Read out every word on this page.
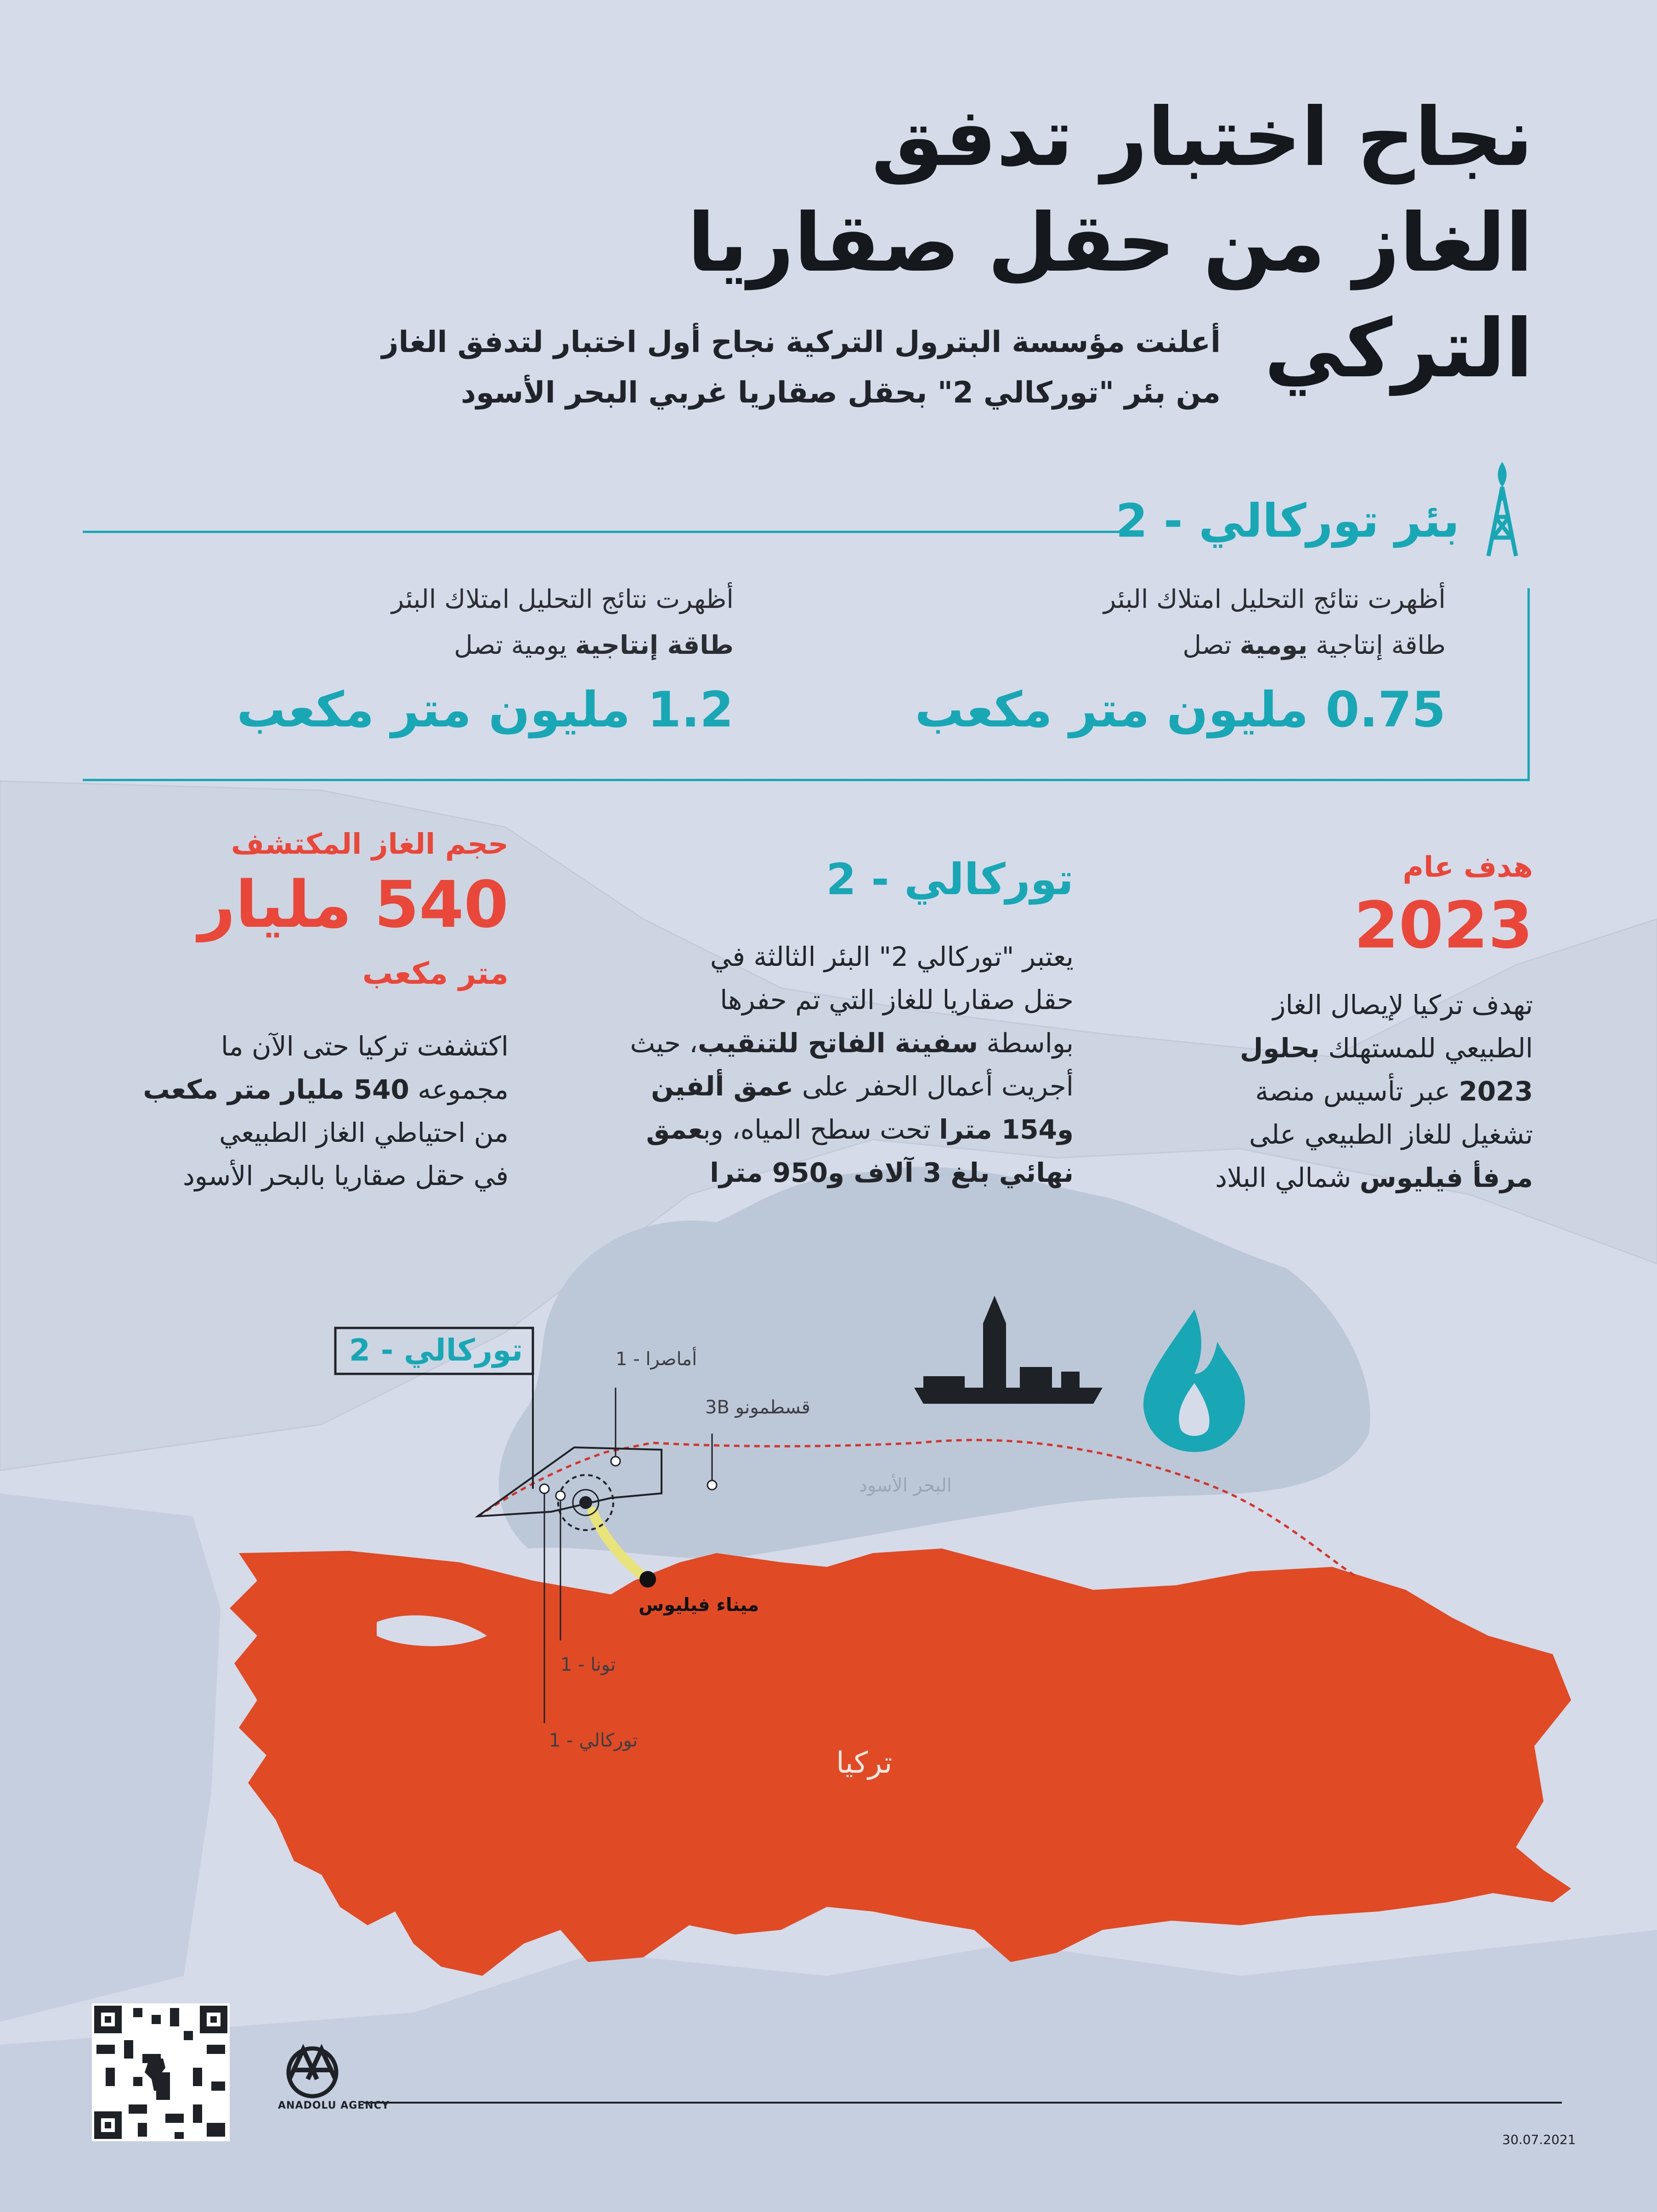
نجاح اختبار تدفق
الغاز من حقل صقاريا
التركي
أعلنت مؤسسة البترول التركية نجاح أول اختبار لتدفق الغاز
من بئر "توركالي 2" بحقل صقاريا غربي البحر الأسود
بئر توركالي - 2
أظهرت نتائج التحليل امتلاك البئر
طاقة إنتاجية يومية تصل
0.75 مليون متر مكعب
أظهرت نتائج التحليل امتلاك البئر
طاقة إنتاجية يومية تصل
1.2 مليون متر مكعب
هدف عام
2023
تهدف تركيا لإيصال الغاز
الطبيعي للمستهلك بحلول
2023 عبر تأسيس منصة
تشغيل للغاز الطبيعي على
مرفأ فيليوس شمالي البلاد
توركالي - 2
يعتبر "توركالي 2" البئر الثالثة في
حقل صقاريا للغاز التي تم حفرها
بواسطة سفينة الفاتح للتنقيب، حيث
أجريت أعمال الحفر على عمق ألفين
و154 مترا تحت سطح المياه، وبعمق
نهائي بلغ 3 آلاف و950 مترا
حجم الغاز المكتشف
540 مليار
متر مكعب
اكتشفت تركيا حتى الآن ما
مجموعه 540 مليار متر مكعب
من احتياطي الغاز الطبيعي
في حقل صقاريا بالبحر الأسود
توركالي - 2	أماصرا - 1
قسطمونو 3B
البحر الأسود
ميناء فيليوس
تونا - 1
توركالي - 1
تركيا
ANADOLU AGENCY
30.07.2021
